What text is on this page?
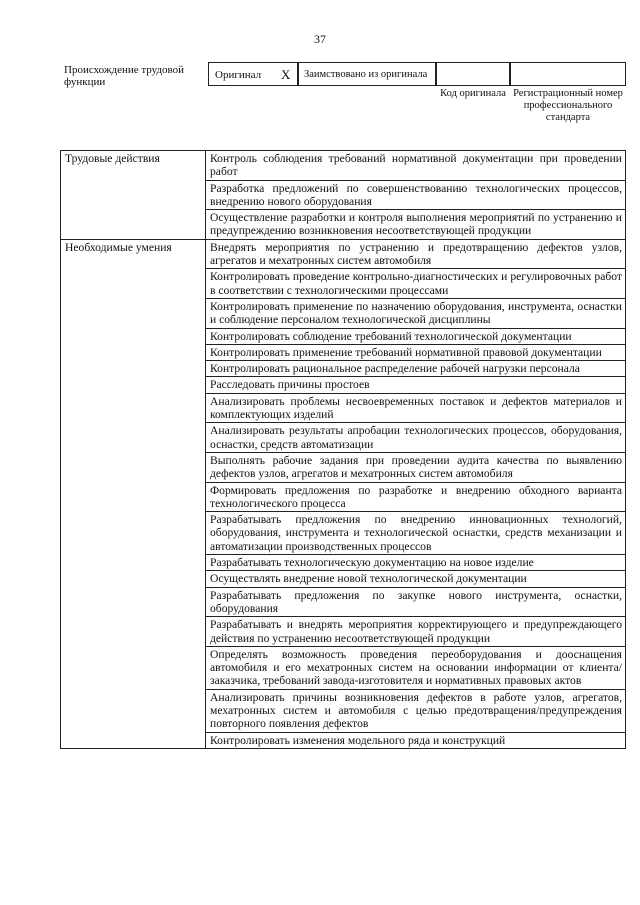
37
Происхождение трудовой функции
Оригинал X Заимствовано из оригинала
Код оригинала Регистрационный номер профессионального стандарта
Трудовые действия	Контроль соблюдения требований нормативной документации при проведении работ
	Разработка предложений по совершенствованию технологических процессов, внедрению нового оборудования
	Осуществление разработки и контроля выполнения мероприятий по устранению и предупреждению возникновения несоответствующей продукции
Необходимые умения	Внедрять мероприятия по устранению и предотвращению дефектов узлов, агрегатов и мехатронных систем автомобиля
	Контролировать проведение контрольно-диагностических и регулировочных работ в соответствии с технологическими процессами
	Контролировать применение по назначению оборудования, инструмента, оснастки и соблюдение персоналом технологической дисциплины
	Контролировать соблюдение требований технологической документации
	Контролировать применение требований нормативной правовой документации
	Контролировать рациональное распределение рабочей нагрузки персонала
	Расследовать причины простоев
	Анализировать проблемы несвоевременных поставок и дефектов материалов и комплектующих изделий
	Анализировать результаты апробации технологических процессов, оборудования, оснастки, средств автоматизации
	Выполнять рабочие задания при проведении аудита качества по выявлению дефектов узлов, агрегатов и мехатронных систем автомобиля
	Формировать предложения по разработке и внедрению обходного варианта технологического процесса
	Разрабатывать предложения по внедрению инновационных технологий, оборудования, инструмента и технологической оснастки, средств механизации и автоматизации производственных процессов
	Разрабатывать технологическую документацию на новое изделие
	Осуществлять внедрение новой технологической документации
	Разрабатывать предложения по закупке нового инструмента, оснастки, оборудования
	Разрабатывать и внедрять мероприятия корректирующего и предупреждающего действия по устранению несоответствующей продукции
	Определять возможность проведения переоборудования и дооснащения автомобиля и его мехатронных систем на основании информации от клиента/заказчика, требований завода-изготовителя и нормативных правовых актов
	Анализировать причины возникновения дефектов в работе узлов, агрегатов, мехатронных систем и автомобиля с целью предотвращения/предупреждения повторного появления дефектов
	Контролировать изменения модельного ряда и конструкций
